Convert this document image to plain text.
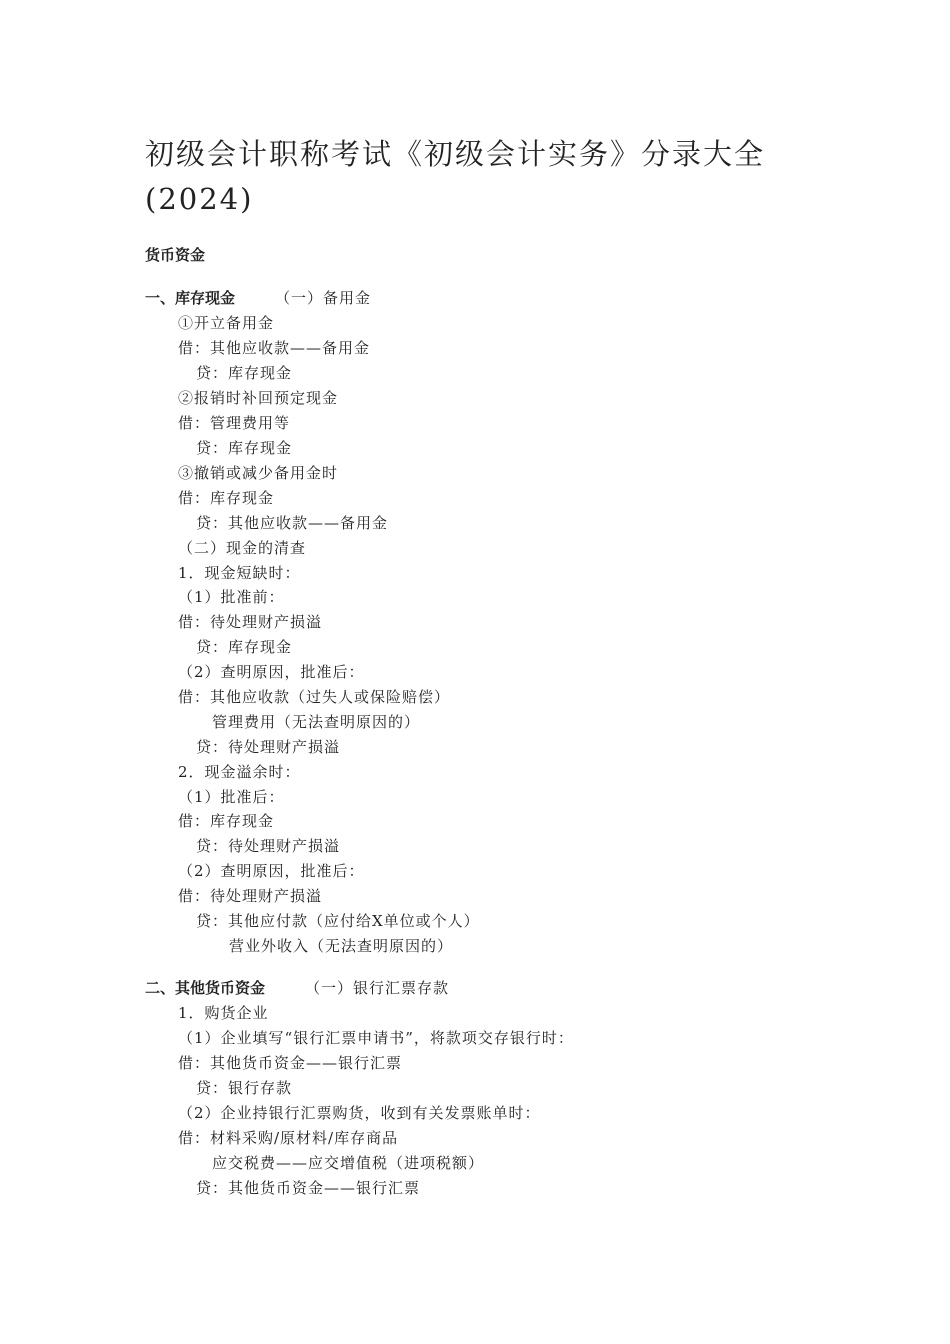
初级会计职称考试《初级会计实务》分录大全
(2024)
货币资金
一、库存现金	（一）备用金
①开立备用金
借：其他应收款——备用金
贷：库存现金
②报销时补回预定现金
借：管理费用等
贷：库存现金
③撤销或减少备用金时
借：库存现金
贷：其他应收款——备用金
（二）现金的清查
1．现金短缺时：
（1）批准前：
借：待处理财产损溢
贷：库存现金
（2）查明原因，批准后：
借：其他应收款（过失人或保险赔偿）
管理费用（无法查明原因的）
贷：待处理财产损溢
2．现金溢余时：
（1）批准后：
借：库存现金
贷：待处理财产损溢
（2）查明原因，批准后：
借：待处理财产损溢
贷：其他应付款（应付给X单位或个人）
营业外收入（无法查明原因的）
二、其他货币资金	（一）银行汇票存款
1．购货企业
（1）企业填写“银行汇票申请书”，将款项交存银行时：
借：其他货币资金——银行汇票
贷：银行存款
（2）企业持银行汇票购货，收到有关发票账单时：
借：材料采购/原材料/库存商品
应交税费——应交增值税（进项税额）
贷：其他货币资金——银行汇票
